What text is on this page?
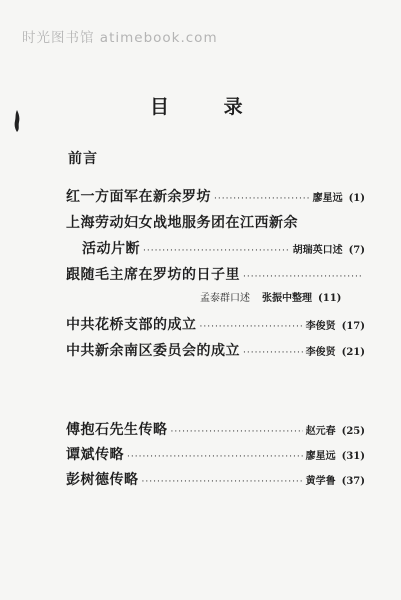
时光图书馆 atimebook.com
目 录
前言
红一方面军在新余罗坊 ·····	廖星远 (1)
上海劳动妇女战地服务团在江西新余
活动片断 ·····	胡瑞英口述 (7)
跟随毛主席在罗坊的日子里
·····
孟泰群口述 张振中整理 (11)
中共花桥支部的成立 ·····	李俊贤 (17)
中共新余南区委员会的成立 ·····	李俊贤 (21)
傅抱石先生传略 ·····	赵元春 (25)
谭斌传略 ·····	廖星远 (31)
彭树德传略 ·····	黄学鲁 (37)
